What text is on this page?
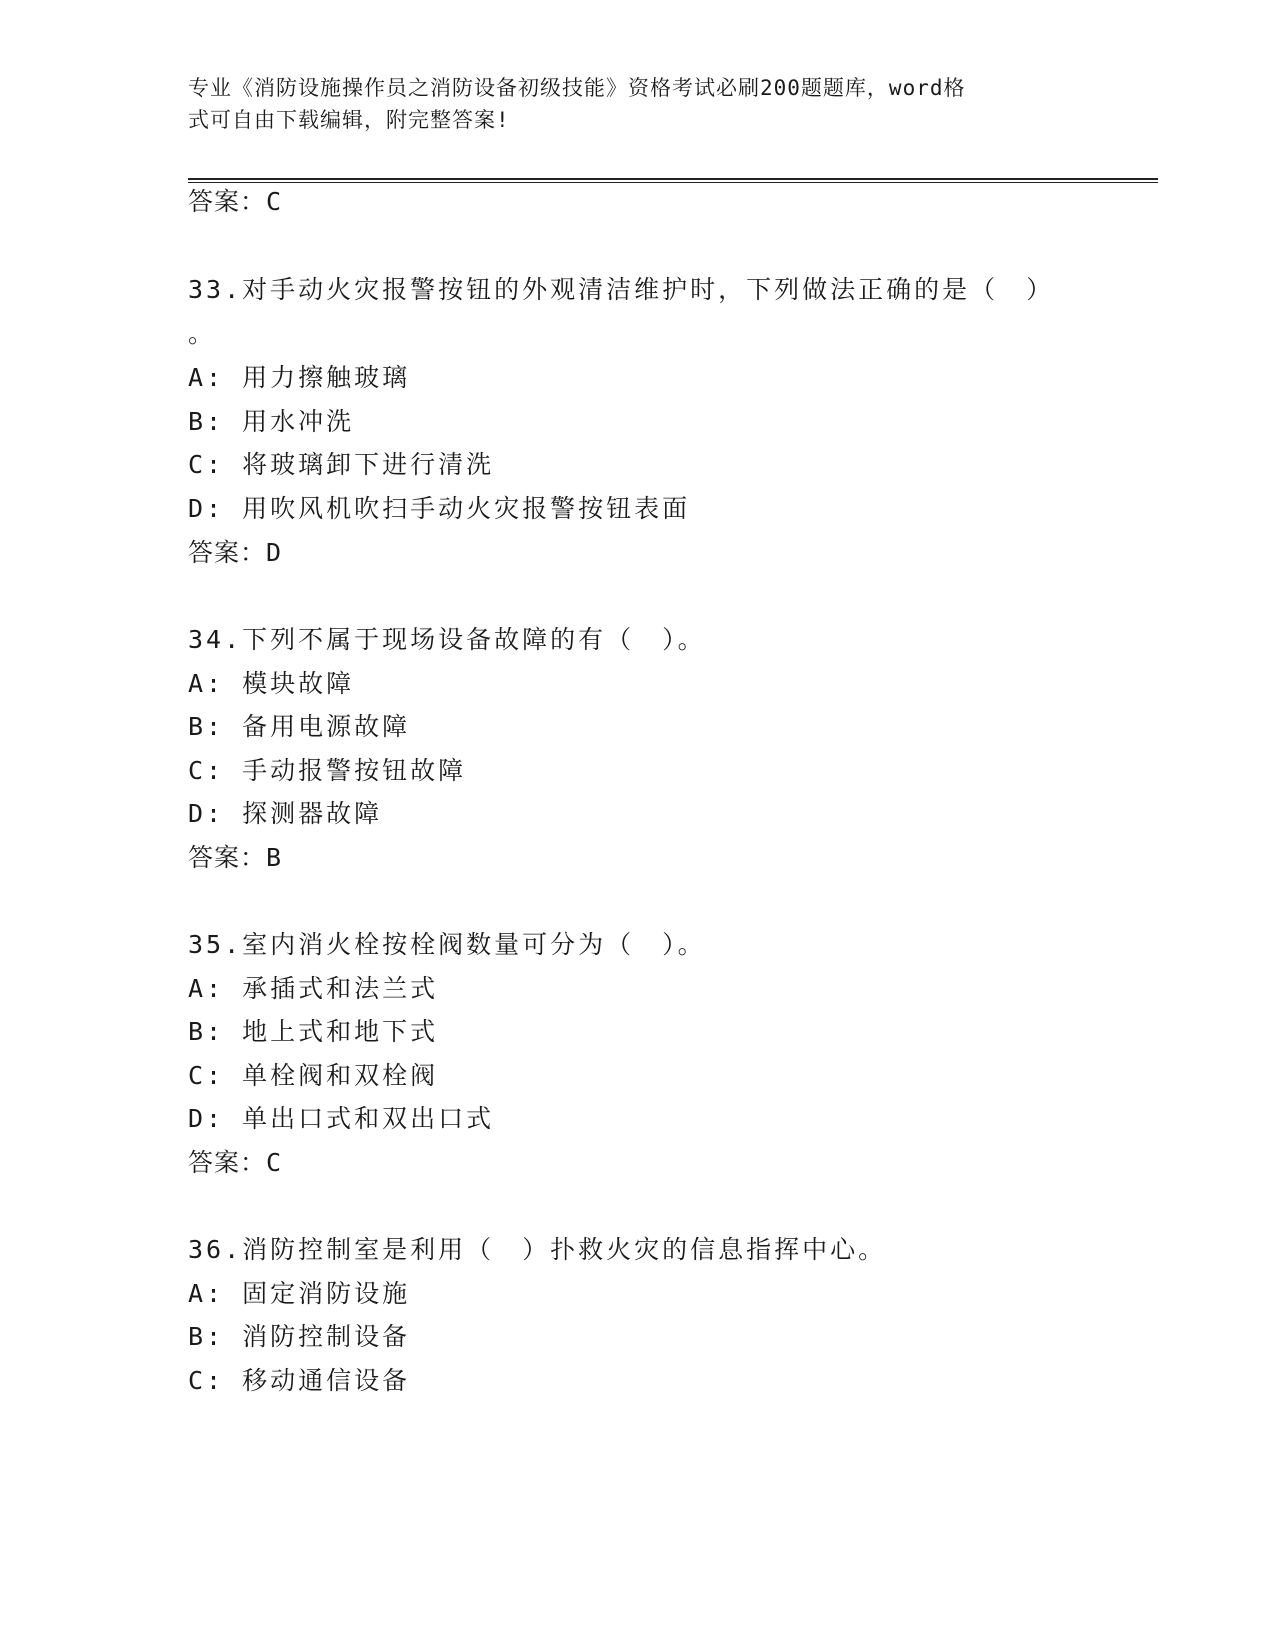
专业《消防设施操作员之消防设备初级技能》资格考试必刷200题题库，word格
式可自由下载编辑，附完整答案!
答案：C
33.对手动火灾报警按钮的外观清洁维护时，下列做法正确的是（　）
。
A: 用力擦触玻璃
B: 用水冲洗
C: 将玻璃卸下进行清洗
D: 用吹风机吹扫手动火灾报警按钮表面
答案：D
34.下列不属于现场设备故障的有（　）。
A: 模块故障
B: 备用电源故障
C: 手动报警按钮故障
D: 探测器故障
答案：B
35.室内消火栓按栓阀数量可分为（　）。
A: 承插式和法兰式
B: 地上式和地下式
C: 单栓阀和双栓阀
D: 单出口式和双出口式
答案：C
36.消防控制室是利用（　）扑救火灾的信息指挥中心。
A: 固定消防设施
B: 消防控制设备
C: 移动通信设备
